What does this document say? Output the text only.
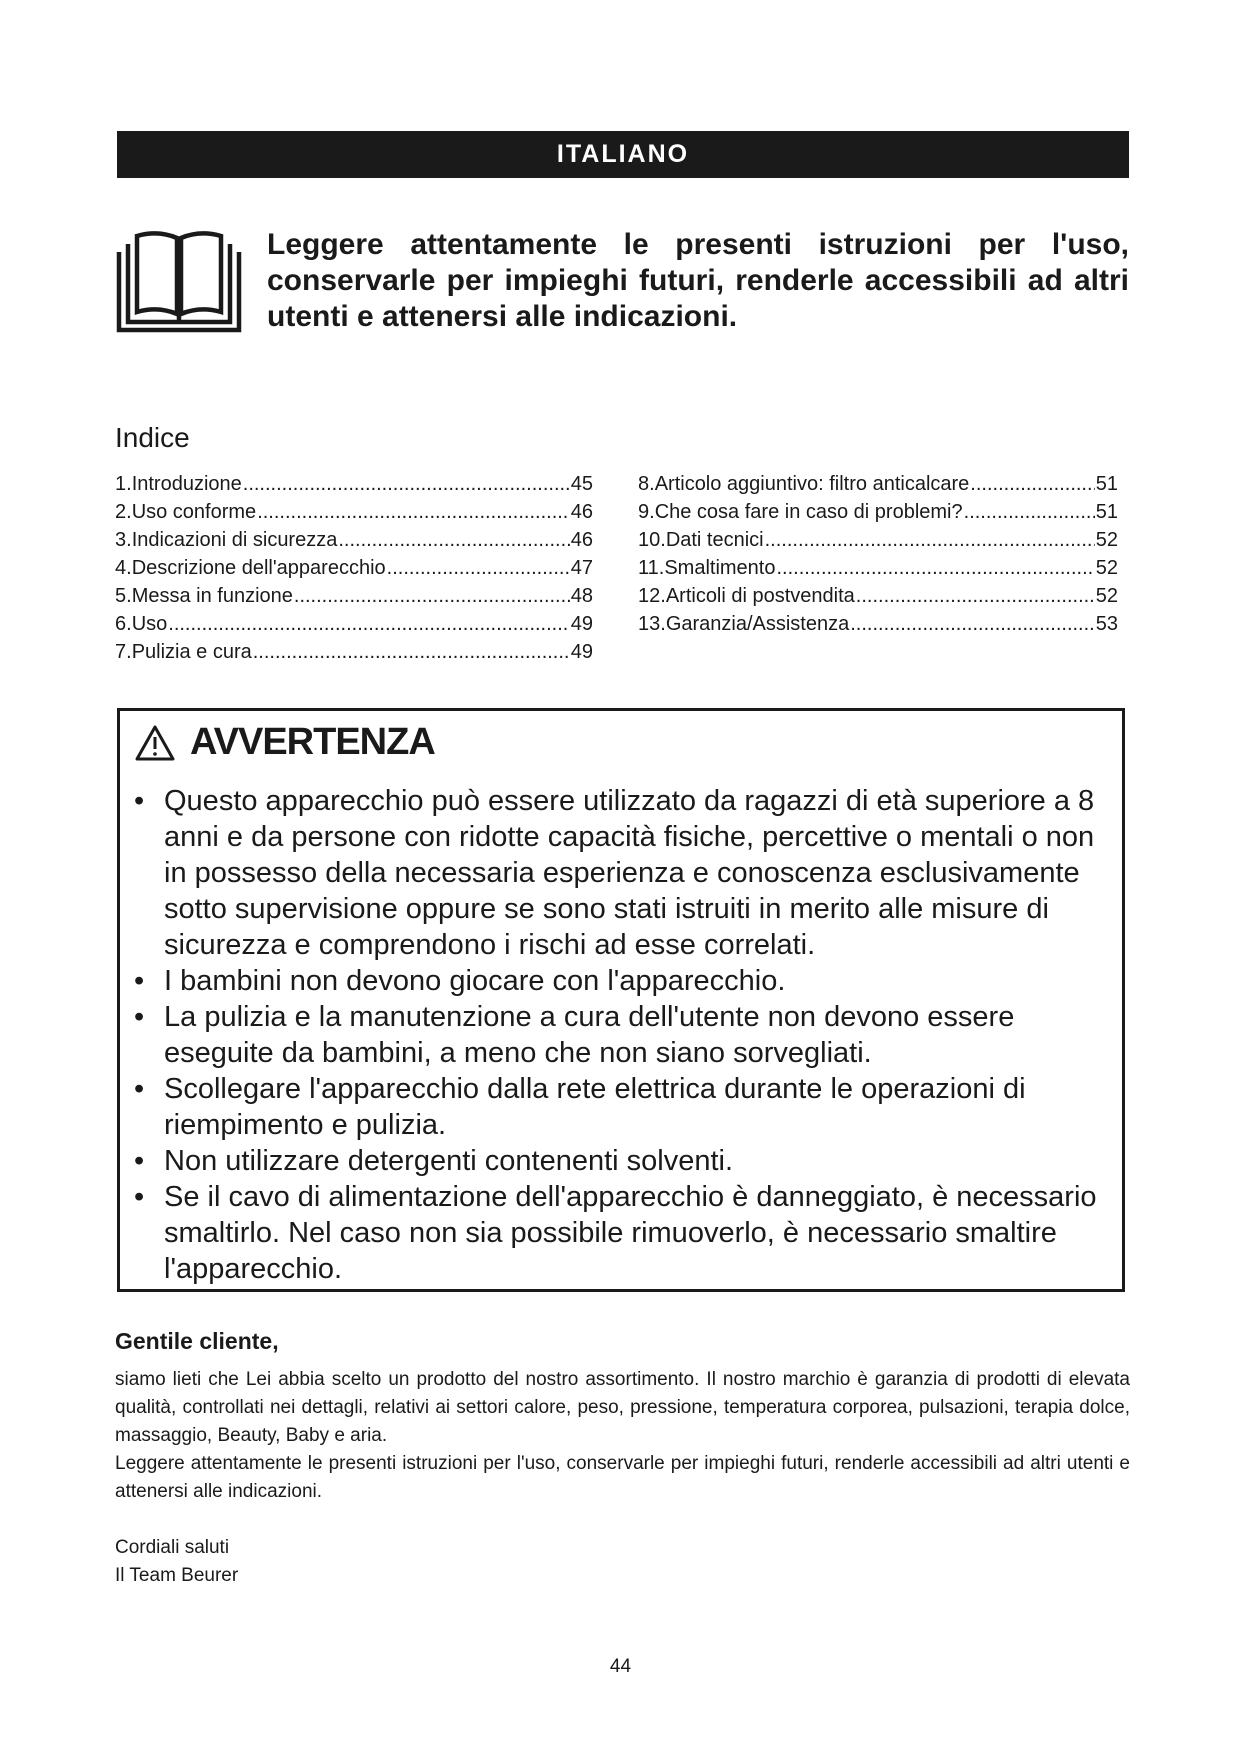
ITALIANO

Leggere attentamente le presenti istruzioni per l'uso, conservarle per impieghi futuri, renderle accessibili ad altri utenti e attenersi alle indicazioni.

Indice
1. Introduzione .....	45
2. Uso conforme .....	46
3. Indicazioni di sicurezza .....	46
4. Descrizione dell'apparecchio .....	47
5. Messa in funzione .....	48
6. Uso .....	49
7. Pulizia e cura .....	49
8. Articolo aggiuntivo: filtro anticalcare .....	51
9. Che cosa fare in caso di problemi? .....	51
10. Dati tecnici .....	52
11. Smaltimento .....	52
12. Articoli di postvendita .....	52
13. Garanzia/Assistenza .....	53
AVVERTENZA
• Questo apparecchio può essere utilizzato da ragazzi di età superiore a 8 anni e da persone con ridotte capacità fisiche, percettive o mentali o non in possesso della necessaria esperienza e conoscenza esclusivamente sotto supervisione oppure se sono stati istruiti in merito alle misure di sicurezza e comprendono i rischi ad esse correlati.
• I bambini non devono giocare con l'apparecchio.
• La pulizia e la manutenzione a cura dell'utente non devono essere eseguite da bambini, a meno che non siano sorvegliati.
• Scollegare l'apparecchio dalla rete elettrica durante le operazioni di riempimento e pulizia.
• Non utilizzare detergenti contenenti solventi.
• Se il cavo di alimentazione dell'apparecchio è danneggiato, è necessario smaltirlo. Nel caso non sia possibile rimuoverlo, è necessario smaltire l'apparecchio.
Gentile cliente,

siamo lieti che Lei abbia scelto un prodotto del nostro assortimento. Il nostro marchio è garanzia di prodotti di elevata qualità, controllati nei dettagli, relativi ai settori calore, peso, pressione, temperatura corporea, pulsazioni, terapia dolce, massaggio, Beauty, Baby e aria.

Leggere attentamente le presenti istruzioni per l'uso, conservarle per impieghi futuri, renderle accessibili ad altri utenti e attenersi alle indicazioni.

Cordiali saluti
Il Team Beurer
44
